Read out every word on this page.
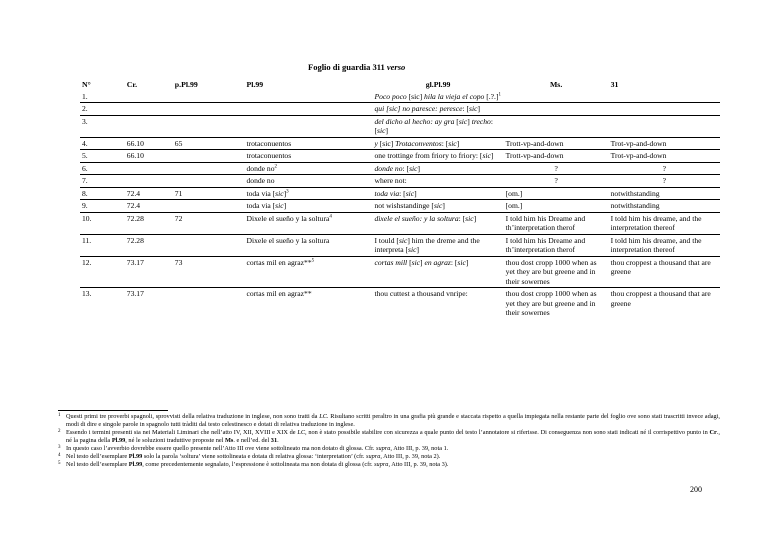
Foglio di guardia 311 verso
N°	Cr.	p.Pl.99	Pl.99	gl.Pl.99	Ms.	31
1.				Poco poco [sic] hila la vieja el copo [.?.]$^1$		
2.				qui [sic] no paresce: peresce: [sic]		
3.				del dicho al hecho: ay gra [sic] trecho: [sic]		
4.	66.10	65	trotaconuentos	y [sic] Trotaconventos: [sic]	Trott-vp-and-down	Trot-vp-and-down
5.	66.10		trotaconuentos	one trottinge from friory to friory: [sic]	Trott-vp-and-down	Trot-vp-and-down
6.			donde $no^2$	donde no: [sic]	?	?
7.			donde no	where not:	?	?
8.	72.4	71	toda via [sic]$^3$	toda via: [sic]	[om.]	notwithstanding
9.	72.4		toda via [sic]	not wishstandinge [sic]	[om.]	notwithstanding
10.	72.28	72	Dixele el sueño y la soltura$^4$	dixele el sueño: y la soltura: [sic]	I told him his Dreame and th’interpretation therof	I told him his dreame, and the interpretation thereof
11.	72.28		Dixele el sueño y la soltura	I tould [sic] him the dreme and the interpreta [sic]	I told him his Dreame and th’interpretation therof	I told him his dreame, and the interpretation thereof
12.	73.17	73	cortas mil en agraz**$^5$	cortas mill [sic] en agraz: [sic]	thou dost cropp 1000 when as yet they are but greene and in their sowernes	thou croppest a thousand that are greene
13.	73.17		cortas mil en agraz**	thou cuttest a thousand vnripe:	thou dost cropp 1000 when as yet they are but greene and in their sowernes	thou croppest a thousand that are greene
1 Questi primi tre proverbi spagnoli, sprovvisti della relativa traduzione in inglese, non sono tratti da LC. Risultano scritti peraltro in una grafia più grande e staccata rispetto a quella impiegata nella restante parte del foglio ove sono stati trascritti invece adagi, modi di dire e singole parole in spagnolo tutti tràditi dal testo celestinesco e dotati di relativa traduzione in inglese.
2 Essendo i termini presenti sia nei Materiali Liminari che nell’atto IV, XII, XVIII e XIX de LC, non è stato possibile stabilire con sicurezza a quale punto del testo l’annotatore si riferisse. Di conseguenza non sono stati indicati né il corrispettivo punto in Cr., né la pagina della Pl.99, né le soluzioni traduttive proposte nel Ms. e nell’ed. del 31.
3 In questo caso l’avverbio dovrebbe essere quello presente nell’Atto III ove viene sottolineato ma non dotato di glossa. Cfr. supra, Atto III, p. 39, nota 1.
4 Nel testo dell’esemplare Pl.99 solo la parola ‘soltura’ viene sottolineata e dotata di relativa glossa: ‘interpretation’ (cfr. supra, Atto III, p. 39, nota 2).
5 Nel testo dell’esemplare Pl.99, come precedentemente segnalato, l’espressione è sottolineata ma non dotata di glossa (cfr. supra, Atto III, p. 39, nota 3).
200
